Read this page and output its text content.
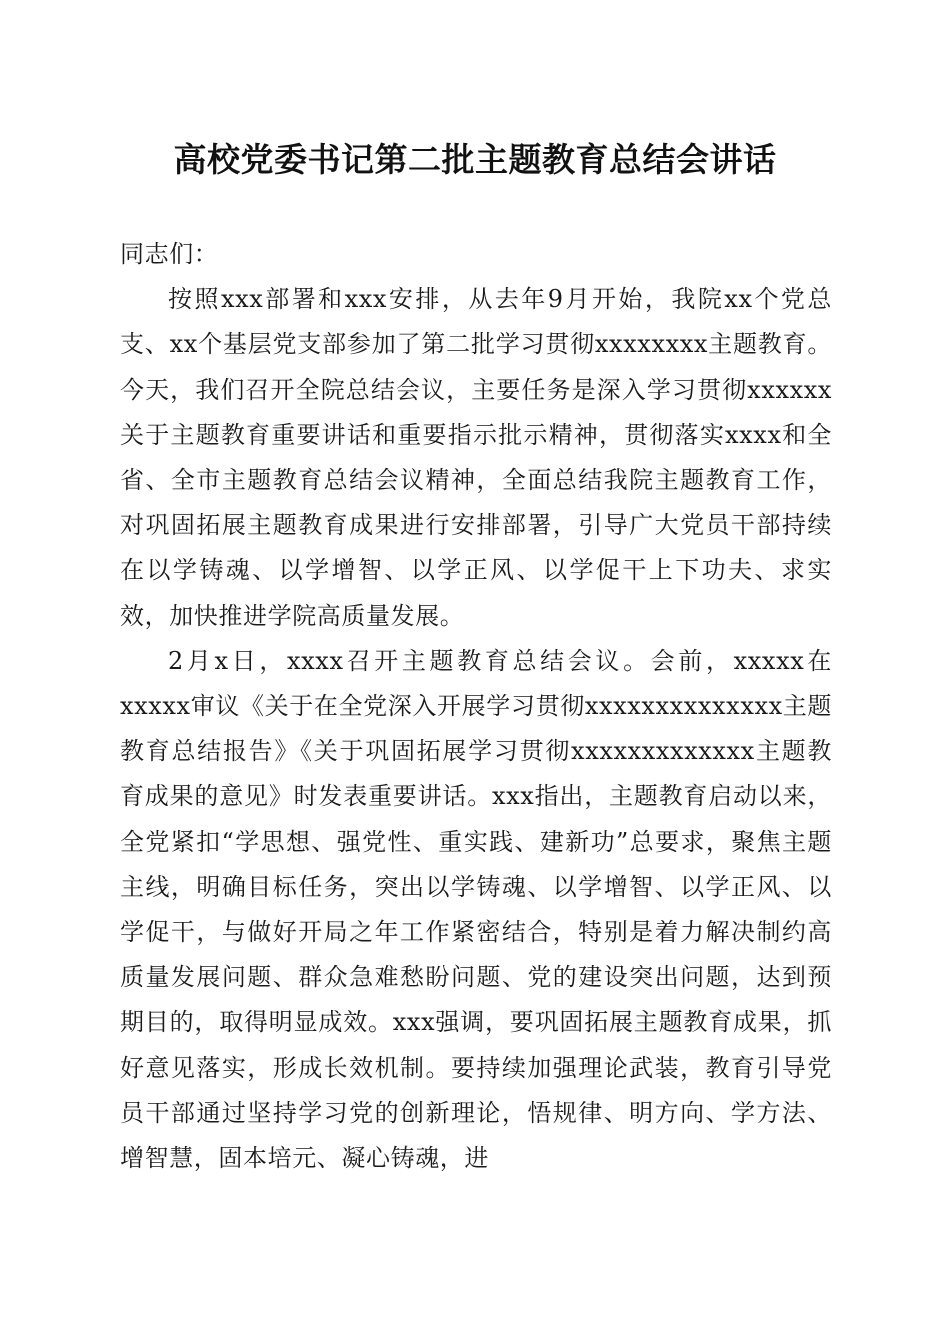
高校党委书记第二批主题教育总结会讲话

同志们：

按照xxx部署和xxx安排，从去年9月开始，我院xx个党总支、xx个基层党支部参加了第二批学习贯彻xxxxxxxx主题教育。今天，我们召开全院总结会议，主要任务是深入学习贯彻xxxxxx关于主题教育重要讲话和重要指示批示精神，贯彻落实xxxx和全省、全市主题教育总结会议精神，全面总结我院主题教育工作，对巩固拓展主题教育成果进行安排部署，引导广大党员干部持续在以学铸魂、以学增智、以学正风、以学促干上下功夫、求实效，加快推进学院高质量发展。

2月x日，xxxx召开主题教育总结会议。会前，xxxxx在xxxxx审议《关于在全党深入开展学习贯彻xxxxxxxxxxxxxx主题教育总结报告》《关于巩固拓展学习贯彻xxxxxxxxxxxxx主题教育成果的意见》时发表重要讲话。xxx指出，主题教育启动以来，全党紧扣“学思想、强党性、重实践、建新功”总要求，聚焦主题主线，明确目标任务，突出以学铸魂、以学增智、以学正风、以学促干，与做好开局之年工作紧密结合，特别是着力解决制约高质量发展问题、群众急难愁盼问题、党的建设突出问题，达到预期目的，取得明显成效。xxx强调，要巩固拓展主题教育成果，抓好意见落实，形成长效机制。要持续加强理论武装，教育引导党员干部通过坚持学习党的创新理论，悟规律、明方向、学方法、增智慧，固本培元、凝心铸魂，进
